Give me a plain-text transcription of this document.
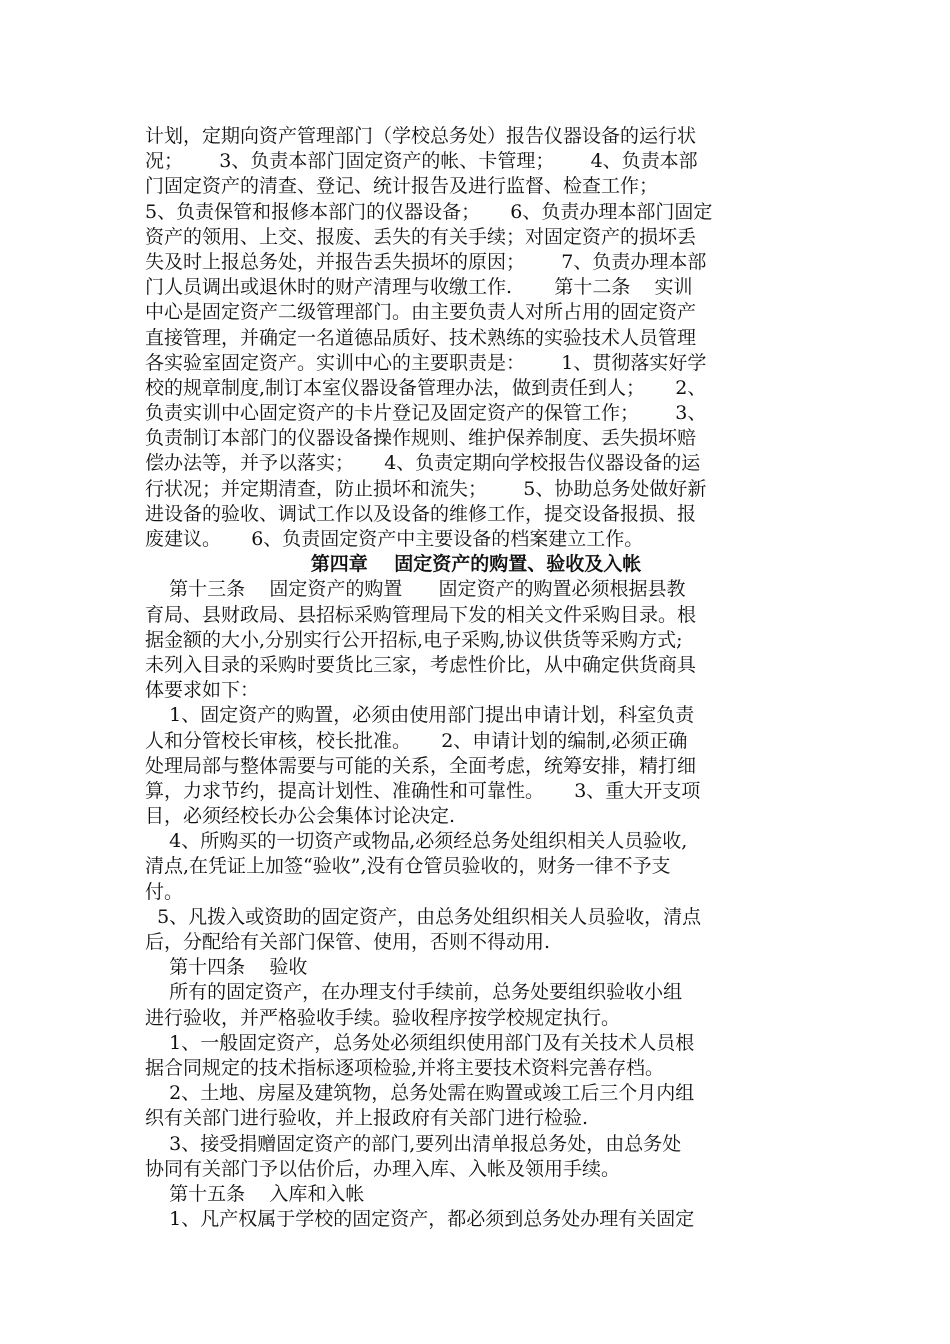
计划，定期向资产管理部门（学校总务处）报告仪器设备的运行状
况；      3、负责本部门固定资产的帐、卡管理；      4、负责本部
门固定资产的清查、登记、统计报告及进行监督、检查工作；
5、负责保管和报修本部门的仪器设备；     6、负责办理本部门固定
资产的领用、上交、报废、丢失的有关手续；对固定资产的损坏丢
失及时上报总务处，并报告丢失损坏的原因；      7、负责办理本部
门人员调出或退休时的财产清理与收缴工作.       第十二条    实训
中心是固定资产二级管理部门。由主要负责人对所占用的固定资产
直接管理，并确定一名道德品质好、技术熟练的实验技术人员管理
各实验室固定资产。实训中心的主要职责是：      1、贯彻落实好学
校的规章制度,制订本室仪器设备管理办法，做到责任到人；     2、
负责实训中心固定资产的卡片登记及固定资产的保管工作；      3、
负责制订本部门的仪器设备操作规则、维护保养制度、丢失损坏赔
偿办法等，并予以落实；     4、负责定期向学校报告仪器设备的运
行状况；并定期清查，防止损坏和流失；      5、协助总务处做好新
进设备的验收、调试工作以及设备的维修工作，提交设备报损、报
废建议。     6、负责固定资产中主要设备的档案建立工作。
第四章    固定资产的购置、验收及入帐
第十三条    固定资产的购置      固定资产的购置必须根据县教
育局、县财政局、县招标采购管理局下发的相关文件采购目录。根
据金额的大小,分别实行公开招标,电子采购,协议供货等采购方式;
未列入目录的采购时要货比三家，考虑性价比，从中确定供货商具
体要求如下：
1、固定资产的购置，必须由使用部门提出申请计划，科室负责
人和分管校长审核，校长批准。     2、申请计划的编制,必须正确
处理局部与整体需要与可能的关系，全面考虑，统筹安排，精打细
算，力求节约，提高计划性、准确性和可靠性。     3、重大开支项
目，必须经校长办公会集体讨论决定.
4、所购买的一切资产或物品,必须经总务处组织相关人员验收,
清点,在凭证上加签“验收”,没有仓管员验收的，财务一律不予支
付。
5、凡拨入或资助的固定资产，由总务处组织相关人员验收，清点
后，分配给有关部门保管、使用，否则不得动用.
第十四条    验收
所有的固定资产，在办理支付手续前，总务处要组织验收小组
进行验收，并严格验收手续。验收程序按学校规定执行。
1、一般固定资产，总务处必须组织使用部门及有关技术人员根
据合同规定的技术指标逐项检验,并将主要技术资料完善存档。
2、土地、房屋及建筑物，总务处需在购置或竣工后三个月内组
织有关部门进行验收，并上报政府有关部门进行检验.
3、接受捐赠固定资产的部门,要列出清单报总务处，由总务处
协同有关部门予以估价后，办理入库、入帐及领用手续。
第十五条    入库和入帐
1、凡产权属于学校的固定资产，都必须到总务处办理有关固定
